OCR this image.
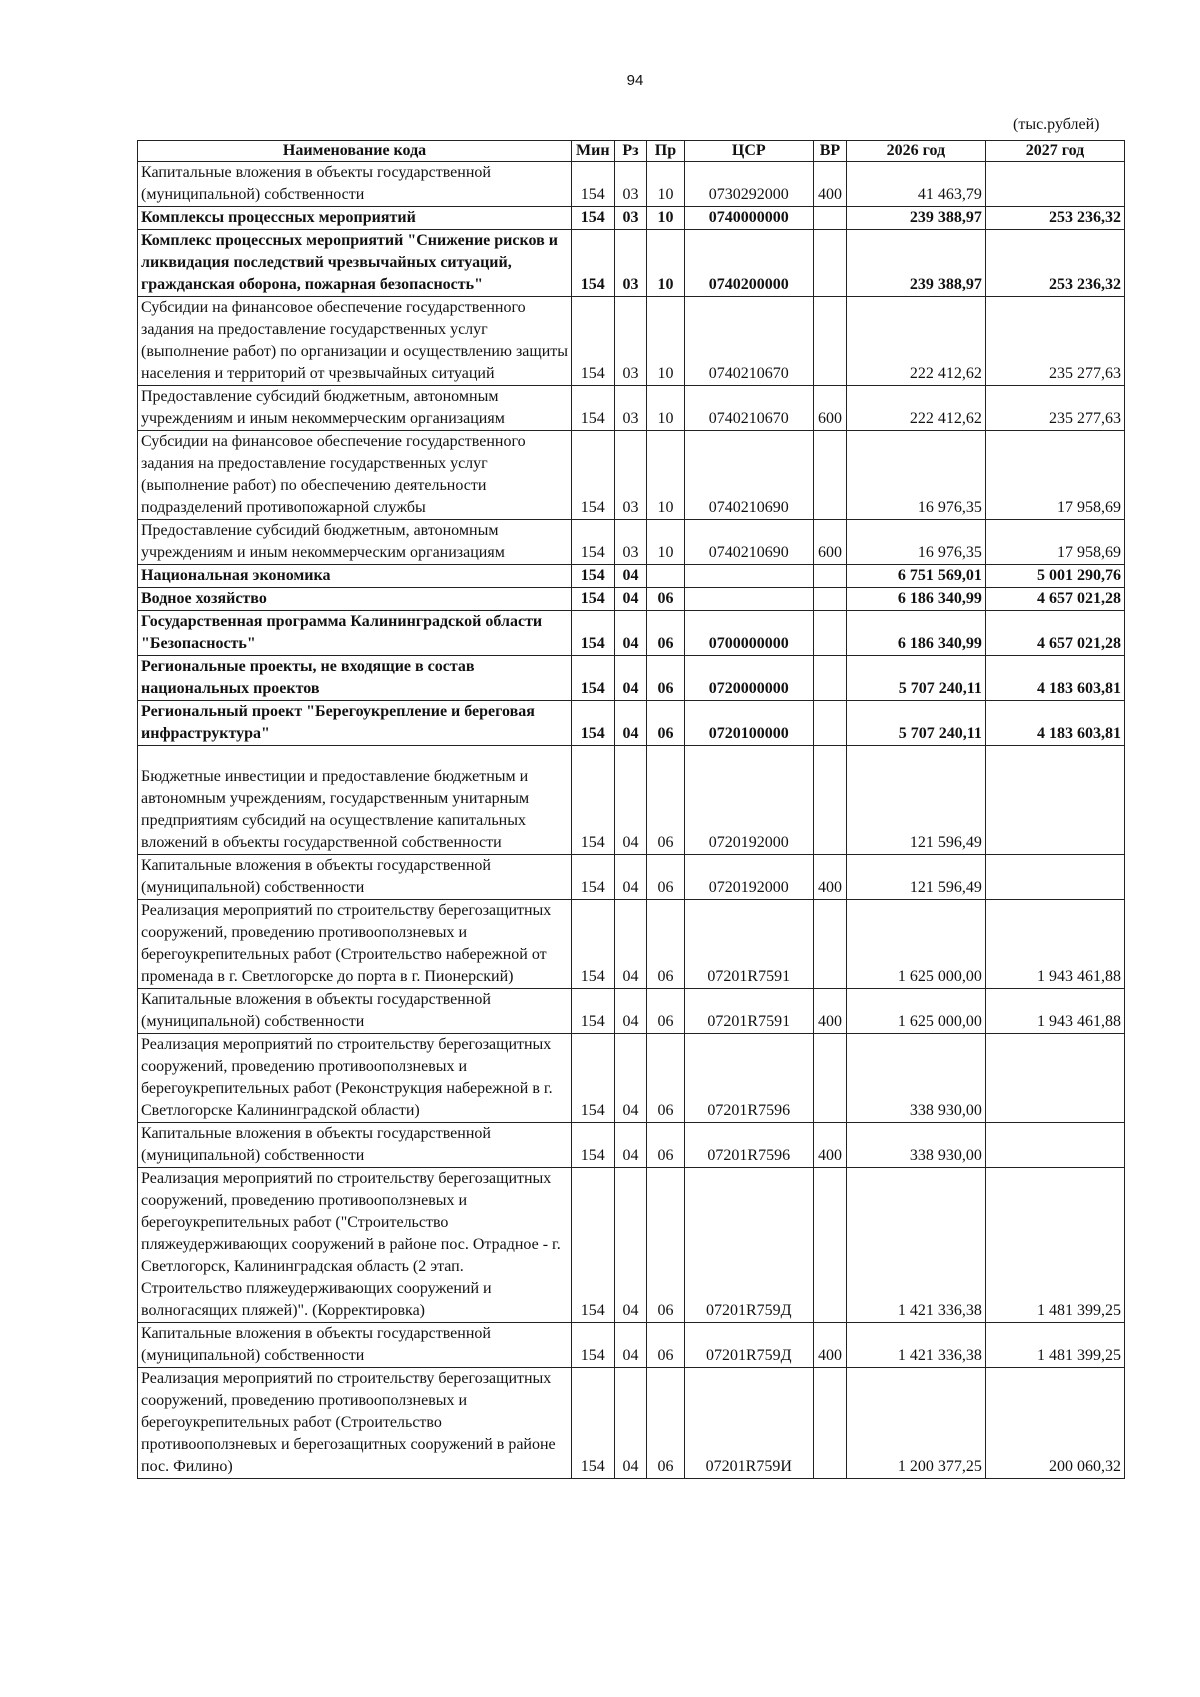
94
(тыс.рублей)
Наименование кода	Мин	Рз	Пр	ЦСР	ВР	2026 год	2027 год
Капитальные вложения в объекты государственной (муниципальной) собственности	154	03	10	0730292000	400	41 463,79	
Комплексы процессных мероприятий	154	03	10	0740000000		239 388,97	253 236,32
Комплекс процессных мероприятий "Снижение рисков и ликвидация последствий чрезвычайных ситуаций, гражданская оборона, пожарная безопасность"	154	03	10	0740200000		239 388,97	253 236,32
Субсидии на финансовое обеспечение государственного задания на предоставление государственных услуг (выполнение работ) по организации и осуществлению защиты населения и территорий от чрезвычайных ситуаций	154	03	10	0740210670		222 412,62	235 277,63
Предоставление субсидий бюджетным, автономным учреждениям и иным некоммерческим организациям	154	03	10	0740210670	600	222 412,62	235 277,63
Субсидии на финансовое обеспечение государственного задания на предоставление государственных услуг (выполнение работ) по обеспечению деятельности подразделений противопожарной службы	154	03	10	0740210690		16 976,35	17 958,69
Предоставление субсидий бюджетным, автономным учреждениям и иным некоммерческим организациям	154	03	10	0740210690	600	16 976,35	17 958,69
Национальная экономика	154	04				6 751 569,01	5 001 290,76
Водное хозяйство	154	04	06			6 186 340,99	4 657 021,28
Государственная программа Калининградской области "Безопасность"	154	04	06	0700000000		6 186 340,99	4 657 021,28
Региональные проекты, не входящие в состав национальных проектов	154	04	06	0720000000		5 707 240,11	4 183 603,81
Региональный проект "Берегоукрепление и береговая инфраструктура"	154	04	06	0720100000		5 707 240,11	4 183 603,81
Бюджетные инвестиции и предоставление бюджетным и автономным учреждениям, государственным унитарным предприятиям субсидий на осуществление капитальных вложений в объекты государственной собственности	154	04	06	0720192000		121 596,49	
Капитальные вложения в объекты государственной (муниципальной) собственности	154	04	06	0720192000	400	121 596,49	
Реализация мероприятий по строительству берегозащитных сооружений, проведению противооползневых и берегоукрепительных работ (Строительство набережной от променада в г. Светлогорске до порта в г. Пионерский)	154	04	06	07201R7591		1 625 000,00	1 943 461,88
Капитальные вложения в объекты государственной (муниципальной) собственности	154	04	06	07201R7591	400	1 625 000,00	1 943 461,88
Реализация мероприятий по строительству берегозащитных сооружений, проведению противооползневых и берегоукрепительных работ (Реконструкция набережной в г. Светлогорске Калининградской области)	154	04	06	07201R7596		338 930,00	
Капитальные вложения в объекты государственной (муниципальной) собственности	154	04	06	07201R7596	400	338 930,00	
Реализация мероприятий по строительству берегозащитных сооружений, проведению противооползневых и берегоукрепительных работ ("Строительство пляжеудерживающих сооружений в районе пос. Отрадное - г. Светлогорск, Калининградская область (2 этап. Строительство пляжеудерживающих сооружений и волногасящих пляжей)". (Корректировка)	154	04	06	07201R759Д		1 421 336,38	1 481 399,25
Капитальные вложения в объекты государственной (муниципальной) собственности	154	04	06	07201R759Д	400	1 421 336,38	1 481 399,25
Реализация мероприятий по строительству берегозащитных сооружений, проведению противооползневых и берегоукрепительных работ (Строительство противооползневых и берегозащитных сооружений в районе пос. Филино)	154	04	06	07201R759И		1 200 377,25	200 060,32
